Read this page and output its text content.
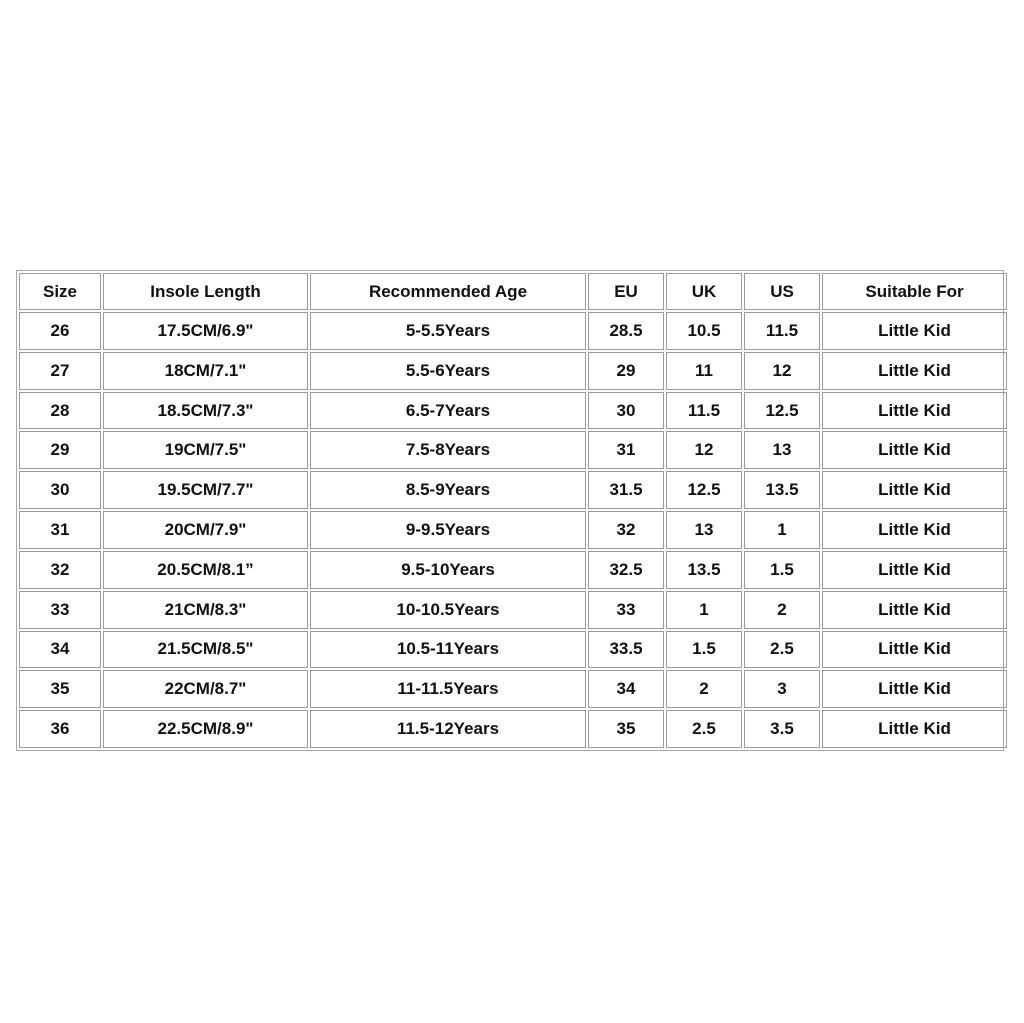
Size	Insole Length	Recommended Age	EU	UK	US	Suitable For
26	17.5CM/6.9"	5-5.5Years	28.5	10.5	11.5	Little Kid
27	18CM/7.1"	5.5-6Years	29	11	12	Little Kid
28	18.5CM/7.3"	6.5-7Years	30	11.5	12.5	Little Kid
29	19CM/7.5"	7.5-8Years	31	12	13	Little Kid
30	19.5CM/7.7"	8.5-9Years	31.5	12.5	13.5	Little Kid
31	20CM/7.9"	9-9.5Years	32	13	1	Little Kid
32	20.5CM/8.1”	9.5-10Years	32.5	13.5	1.5	Little Kid
33	21CM/8.3"	10-10.5Years	33	1	2	Little Kid
34	21.5CM/8.5"	10.5-11Years	33.5	1.5	2.5	Little Kid
35	22CM/8.7"	11-11.5Years	34	2	3	Little Kid
36	22.5CM/8.9"	11.5-12Years	35	2.5	3.5	Little Kid
